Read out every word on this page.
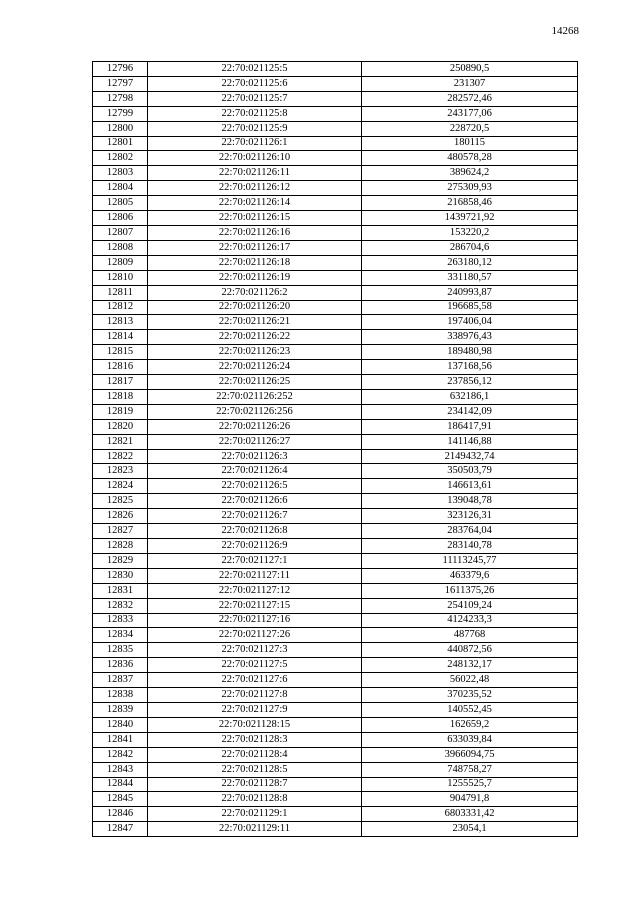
14268
12796	22:70:021125:5	250890,5
12797	22:70:021125:6	231307
12798	22:70:021125:7	282572,46
12799	22:70:021125:8	243177,06
12800	22:70:021125:9	228720,5
12801	22:70:021126:1	180115
12802	22:70:021126:10	480578,28
12803	22:70:021126:11	389624,2
12804	22:70:021126:12	275309,93
12805	22:70:021126:14	216858,46
12806	22:70:021126:15	1439721,92
12807	22:70:021126:16	153220,2
12808	22:70:021126:17	286704,6
12809	22:70:021126:18	263180,12
12810	22:70:021126:19	331180,57
12811	22:70:021126:2	240993,87
12812	22:70:021126:20	196685,58
12813	22:70:021126:21	197406,04
12814	22:70:021126:22	338976,43
12815	22:70:021126:23	189480,98
12816	22:70:021126:24	137168,56
12817	22:70:021126:25	237856,12
12818	22:70:021126:252	632186,1
12819	22:70:021126:256	234142,09
12820	22:70:021126:26	186417,91
12821	22:70:021126:27	141146,88
12822	22:70:021126:3	2149432,74
12823	22:70:021126:4	350503,79
12824	22:70:021126:5	146613,61
12825	22:70:021126:6	139048,78
12826	22:70:021126:7	323126,31
12827	22:70:021126:8	283764,04
12828	22:70:021126:9	283140,78
12829	22:70:021127:1	11113245,77
12830	22:70:021127:11	463379,6
12831	22:70:021127:12	1611375,26
12832	22:70:021127:15	254109,24
12833	22:70:021127:16	4124233,3
12834	22:70:021127:26	487768
12835	22:70:021127:3	440872,56
12836	22:70:021127:5	248132,17
12837	22:70:021127:6	56022,48
12838	22:70:021127:8	370235,52
12839	22:70:021127:9	140552,45
12840	22:70:021128:15	162659,2
12841	22:70:021128:3	633039,84
12842	22:70:021128:4	3966094,75
12843	22:70:021128:5	748758,27
12844	22:70:021128:7	1255525,7
12845	22:70:021128:8	904791,8
12846	22:70:021129:1	6803331,42
12847	22:70:021129:11	23054,1
